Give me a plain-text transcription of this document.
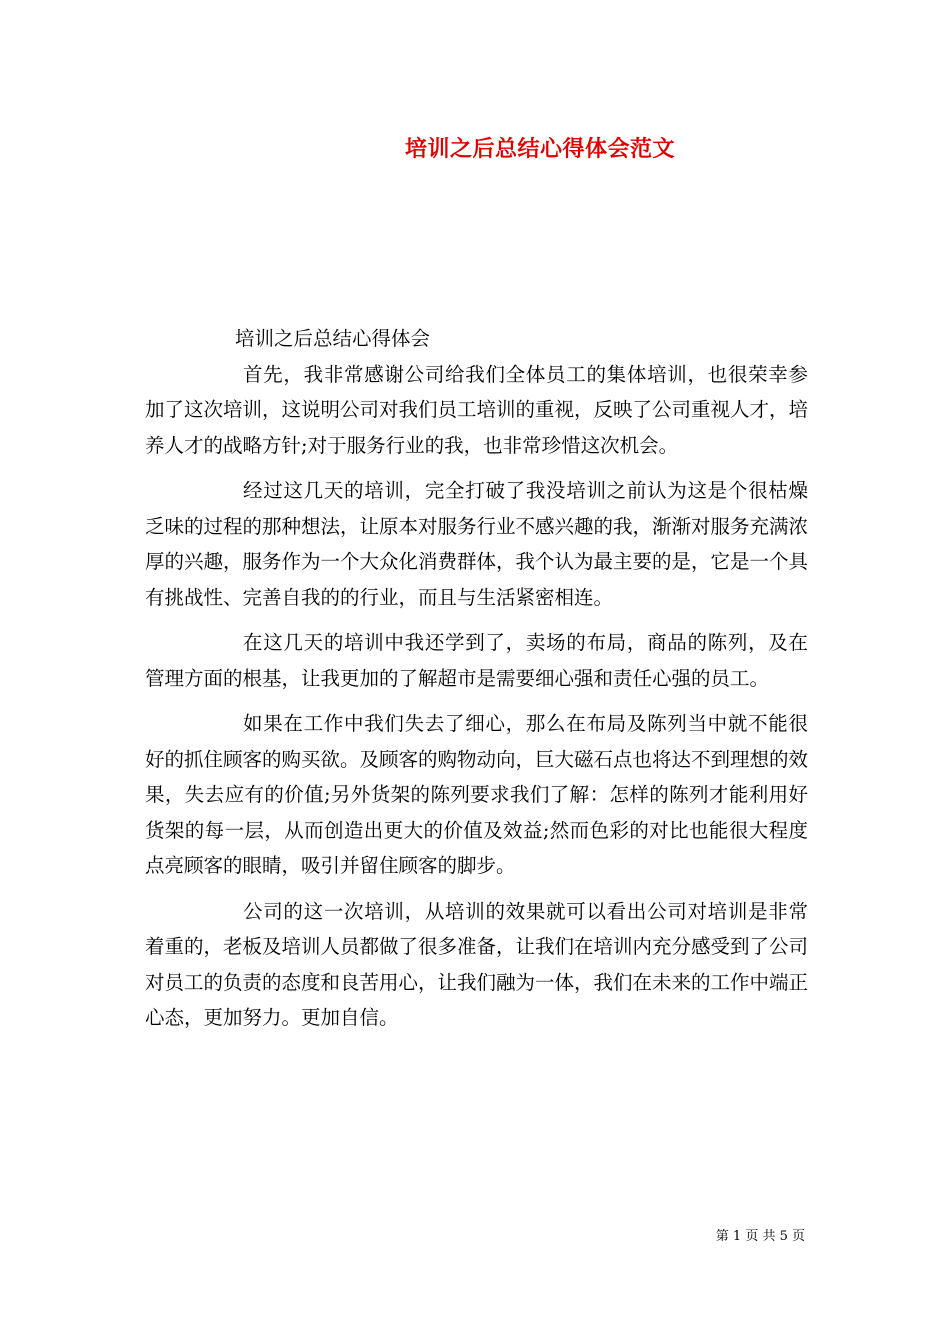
培训之后总结心得体会范文

培训之后总结心得体会

首先，我非常感谢公司给我们全体员工的集体培训，也很荣幸参加了这次培训，这说明公司对我们员工培训的重视，反映了公司重视人才，培养人才的战略方针;对于服务行业的我，也非常珍惜这次机会。

经过这几天的培训，完全打破了我没培训之前认为这是个很枯燥乏味的过程的那种想法，让原本对服务行业不感兴趣的我，渐渐对服务充满浓厚的兴趣，服务作为一个大众化消费群体，我个认为最主要的是，它是一个具有挑战性、完善自我的的行业，而且与生活紧密相连。

在这几天的培训中我还学到了，卖场的布局，商品的陈列，及在管理方面的根基，让我更加的了解超市是需要细心强和责任心强的员工。

如果在工作中我们失去了细心，那么在布局及陈列当中就不能很好的抓住顾客的购买欲。及顾客的购物动向，巨大磁石点也将达不到理想的效果，失去应有的价值;另外货架的陈列要求我们了解：怎样的陈列才能利用好货架的每一层，从而创造出更大的价值及效益;然而色彩的对比也能很大程度点亮顾客的眼睛，吸引并留住顾客的脚步。

公司的这一次培训，从培训的效果就可以看出公司对培训是非常着重的，老板及培训人员都做了很多准备，让我们在培训内充分感受到了公司对员工的负责的态度和良苦用心，让我们融为一体，我们在未来的工作中端正心态，更加努力。更加自信。

第 1 页 共 5 页
